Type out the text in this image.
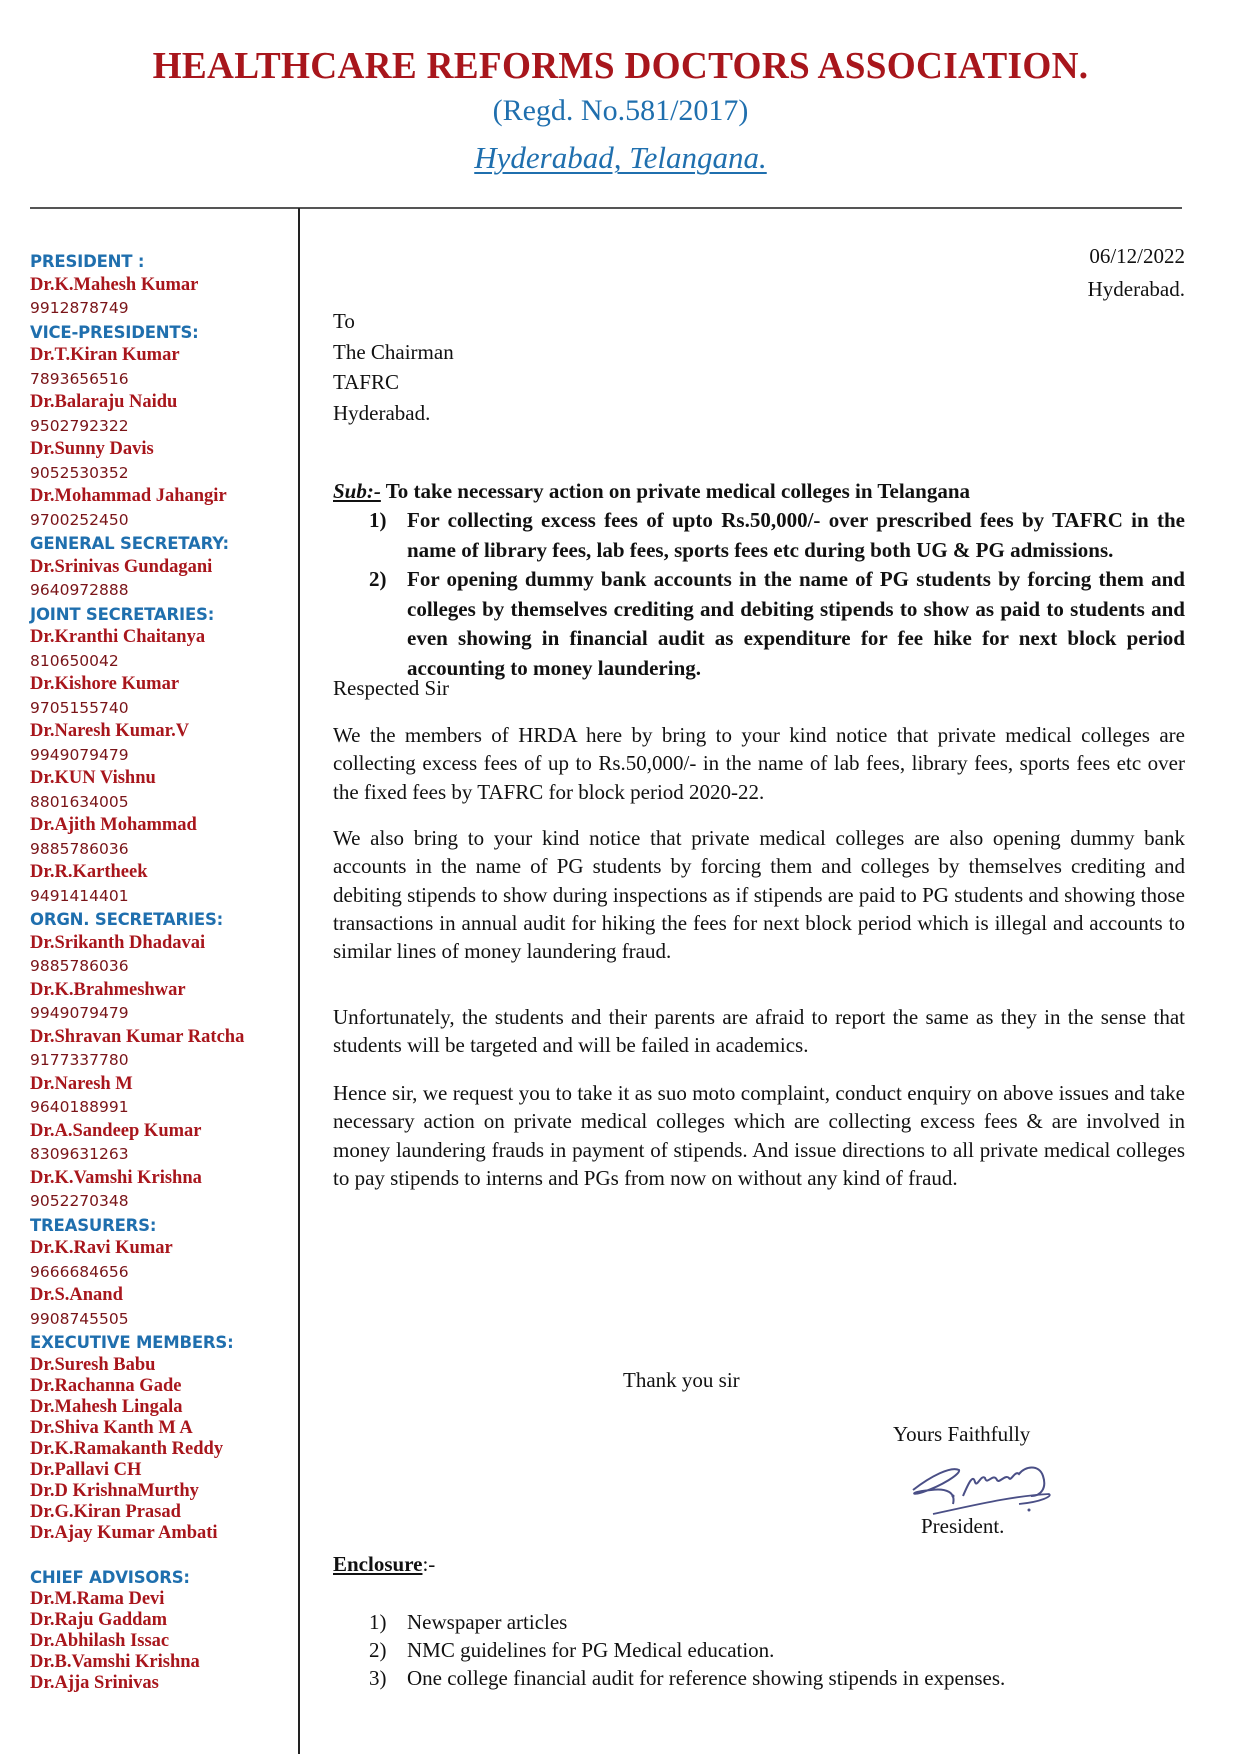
HEALTHCARE REFORMS DOCTORS ASSOCIATION.
(Regd. No.581/2017)
Hyderabad, Telangana.
PRESIDENT :
Dr.K.Mahesh Kumar
9912878749
VICE-PRESIDENTS:
Dr.T.Kiran Kumar
7893656516
Dr.Balaraju Naidu
9502792322
Dr.Sunny Davis
9052530352
Dr.Mohammad Jahangir
9700252450
GENERAL SECRETARY:
Dr.Srinivas Gundagani
9640972888
JOINT SECRETARIES:
Dr.Kranthi Chaitanya
810650042
Dr.Kishore Kumar
9705155740
Dr.Naresh Kumar.V
9949079479
Dr.KUN Vishnu
8801634005
Dr.Ajith Mohammad
9885786036
Dr.R.Kartheek
9491414401
ORGN. SECRETARIES:
Dr.Srikanth Dhadavai
9885786036
Dr.K.Brahmeshwar
9949079479
Dr.Shravan Kumar Ratcha
9177337780
Dr.Naresh M
9640188991
Dr.A.Sandeep Kumar
8309631263
Dr.K.Vamshi Krishna
9052270348
TREASURERS:
Dr.K.Ravi Kumar
9666684656
Dr.S.Anand
9908745505
EXECUTIVE MEMBERS:
Dr.Suresh Babu
Dr.Rachanna Gade
Dr.Mahesh Lingala
Dr.Shiva Kanth M A
Dr.K.Ramakanth Reddy
Dr.Pallavi CH
Dr.D KrishnaMurthy
Dr.G.Kiran Prasad
Dr.Ajay Kumar Ambati
CHIEF ADVISORS:
Dr.M.Rama Devi
Dr.Raju Gaddam
Dr.Abhilash Issac
Dr.B.Vamshi Krishna
Dr.Ajja Srinivas
06/12/2022
Hyderabad.
To
The Chairman
TAFRC
Hyderabad.
Sub:- To take necessary action on private medical colleges in Telangana
1) For collecting excess fees of upto Rs.50,000/- over prescribed fees by TAFRC in the name of library fees, lab fees, sports fees etc during both UG & PG admissions.
2) For opening dummy bank accounts in the name of PG students by forcing them and colleges by themselves crediting and debiting stipends to show as paid to students and even showing in financial audit as expenditure for fee hike for next block period accounting to money laundering.
Respected Sir
We the members of HRDA here by bring to your kind notice that private medical colleges are collecting excess fees of up to Rs.50,000/- in the name of lab fees, library fees, sports fees etc over the fixed fees by TAFRC for block period 2020-22.
We also bring to your kind notice that private medical colleges are also opening dummy bank accounts in the name of PG students by forcing them and colleges by themselves crediting and debiting stipends to show during inspections as if stipends are paid to PG students and showing those transactions in annual audit for hiking the fees for next block period which is illegal and accounts to similar lines of money laundering fraud.
Unfortunately, the students and their parents are afraid to report the same as they in the sense that students will be targeted and will be failed in academics.
Hence sir, we request you to take it as suo moto complaint, conduct enquiry on above issues and take necessary action on private medical colleges which are collecting excess fees & are involved in money laundering frauds in payment of stipends. And issue directions to all private medical colleges to pay stipends to interns and PGs from now on without any kind of fraud.
Thank you sir
Yours Faithfully
President.
Enclosure:-
1) Newspaper articles
2) NMC guidelines for PG Medical education.
3) One college financial audit for reference showing stipends in expenses.
